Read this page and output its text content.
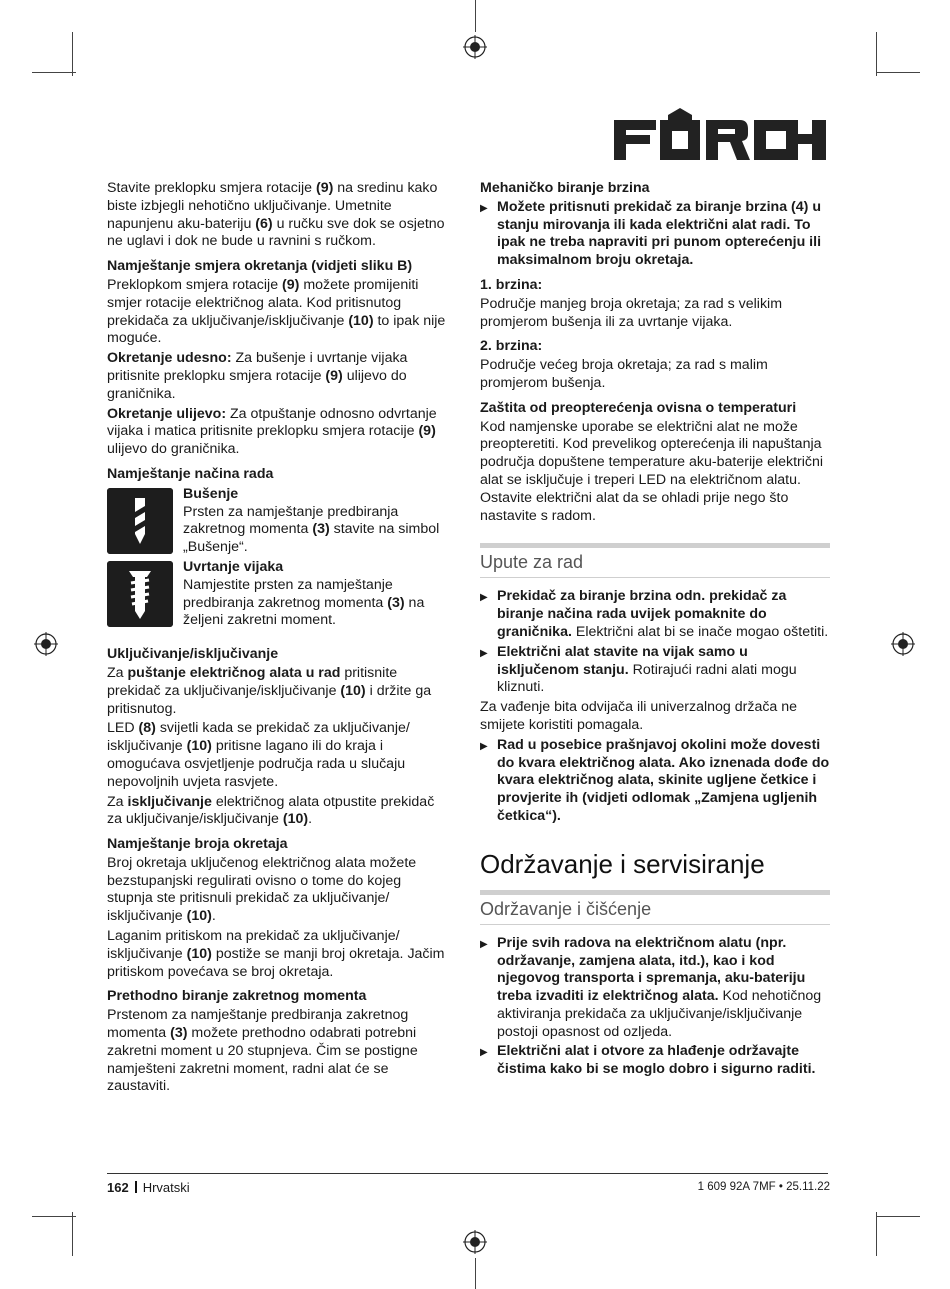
Stavite preklopku smjera rotacije (9) na sredinu kako biste izbjegli nehotično uključivanje. Umetnite napunjenu aku-bateriju (6) u ručku sve dok se osjetno ne uglavi i dok ne bude u ravnini s ručkom.

Namještanje smjera okretanja (vidjeti sliku B)

Preklopkom smjera rotacije (9) možete promijeniti smjer rotacije električnog alata. Kod pritisnutog prekidača za uključivanje/isključivanje (10) to ipak nije moguće.

Okretanje udesno: Za bušenje i uvrtanje vijaka pritisnite preklopku smjera rotacije (9) ulijevo do graničnika.

Okretanje ulijevo: Za otpuštanje odnosno odvrtanje vijaka i matica pritisnite preklopku smjera rotacije (9) ulijevo do graničnika.

Namještanje načina rada
Bušenje

Prsten za namještanje predbiranja zakretnog momenta (3) stavite na simbol „Bušenje“.

Uvrtanje vijaka

Namjestite prsten za namještanje predbiranja zakretnog momenta (3) na željeni zakretni moment.

Uključivanje/isključivanje

Za puštanje električnog alata u rad pritisnite prekidač za uključivanje/isključivanje (10) i držite ga pritisnutog.

LED (8) svijetli kada se prekidač za uključivanje/ isključivanje (10) pritisne lagano ili do kraja i omogućava osvjetljenje područja rada u slučaju nepovoljnih uvjeta rasvjete.

Za isključivanje električnog alata otpustite prekidač za uključivanje/isključivanje (10).

Namještanje broja okretaja

Broj okretaja uključenog električnog alata možete bezstupanjski regulirati ovisno o tome do kojeg stupnja ste pritisnuli prekidač za uključivanje/ isključivanje (10).

Laganim pritiskom na prekidač za uključivanje/ isključivanje (10) postiže se manji broj okretaja. Jačim pritiskom povećava se broj okretaja.

Prethodno biranje zakretnog momenta

Prstenom za namještanje predbiranja zakretnog momenta (3) možete prethodno odabrati potrebni zakretni moment u 20 stupnjeva. Čim se postigne namješteni zakretni moment, radni alat će se zaustaviti.

Mehaničko biranje brzina

▶ Možete pritisnuti prekidač za biranje brzina (4) u stanju mirovanja ili kada električni alat radi. To ipak ne treba napraviti pri punom opterećenju ili maksimalnom broju okretaja.

1. brzina:

Područje manjeg broja okretaja; za rad s velikim promjerom bušenja ili za uvrtanje vijaka.

2. brzina:

Područje većeg broja okretaja; za rad s malim promjerom bušenja.

Zaštita od preopterećenja ovisna o temperaturi

Kod namjenske uporabe se električni alat ne može preopteretiti. Kod prevelikog opterećenja ili napuštanja područja dopuštene temperature aku-baterije električni alat se isključuje i treperi LED na električnom alatu. Ostavite električni alat da se ohladi prije nego što nastavite s radom.

Upute za rad

▶ Prekidač za biranje brzina odn. prekidač za biranje načina rada uvijek pomaknite do graničnika. Električni alat bi se inače mogao oštetiti.

▶ Električni alat stavite na vijak samo u isključenom stanju. Rotirajući radni alati mogu kliznuti.

Za vađenje bita odvijača ili univerzalnog držača ne smijete koristiti pomagala.

▶ Rad u posebice prašnjavoj okolini može dovesti do kvara električnog alata. Ako iznenada dođe do kvara električnog alata, skinite ugljene četkice i provjerite ih (vidjeti odlomak „Zamjena ugljenih četkica“).

Održavanje i servisiranje
Održavanje i čišćenje

▶ Prije svih radova na električnom alatu (npr. održavanje, zamjena alata, itd.), kao i kod njegovog transporta i spremanja, aku-bateriju treba izvaditi iz električnog alata. Kod nehotičnog aktiviranja prekidača za uključivanje/isključivanje postoji opasnost od ozljeda.

▶ Električni alat i otvore za hlađenje održavajte čistima kako bi se moglo dobro i sigurno raditi.

162 Hrvatski	1 609 92A 7MF • 25.11.22
